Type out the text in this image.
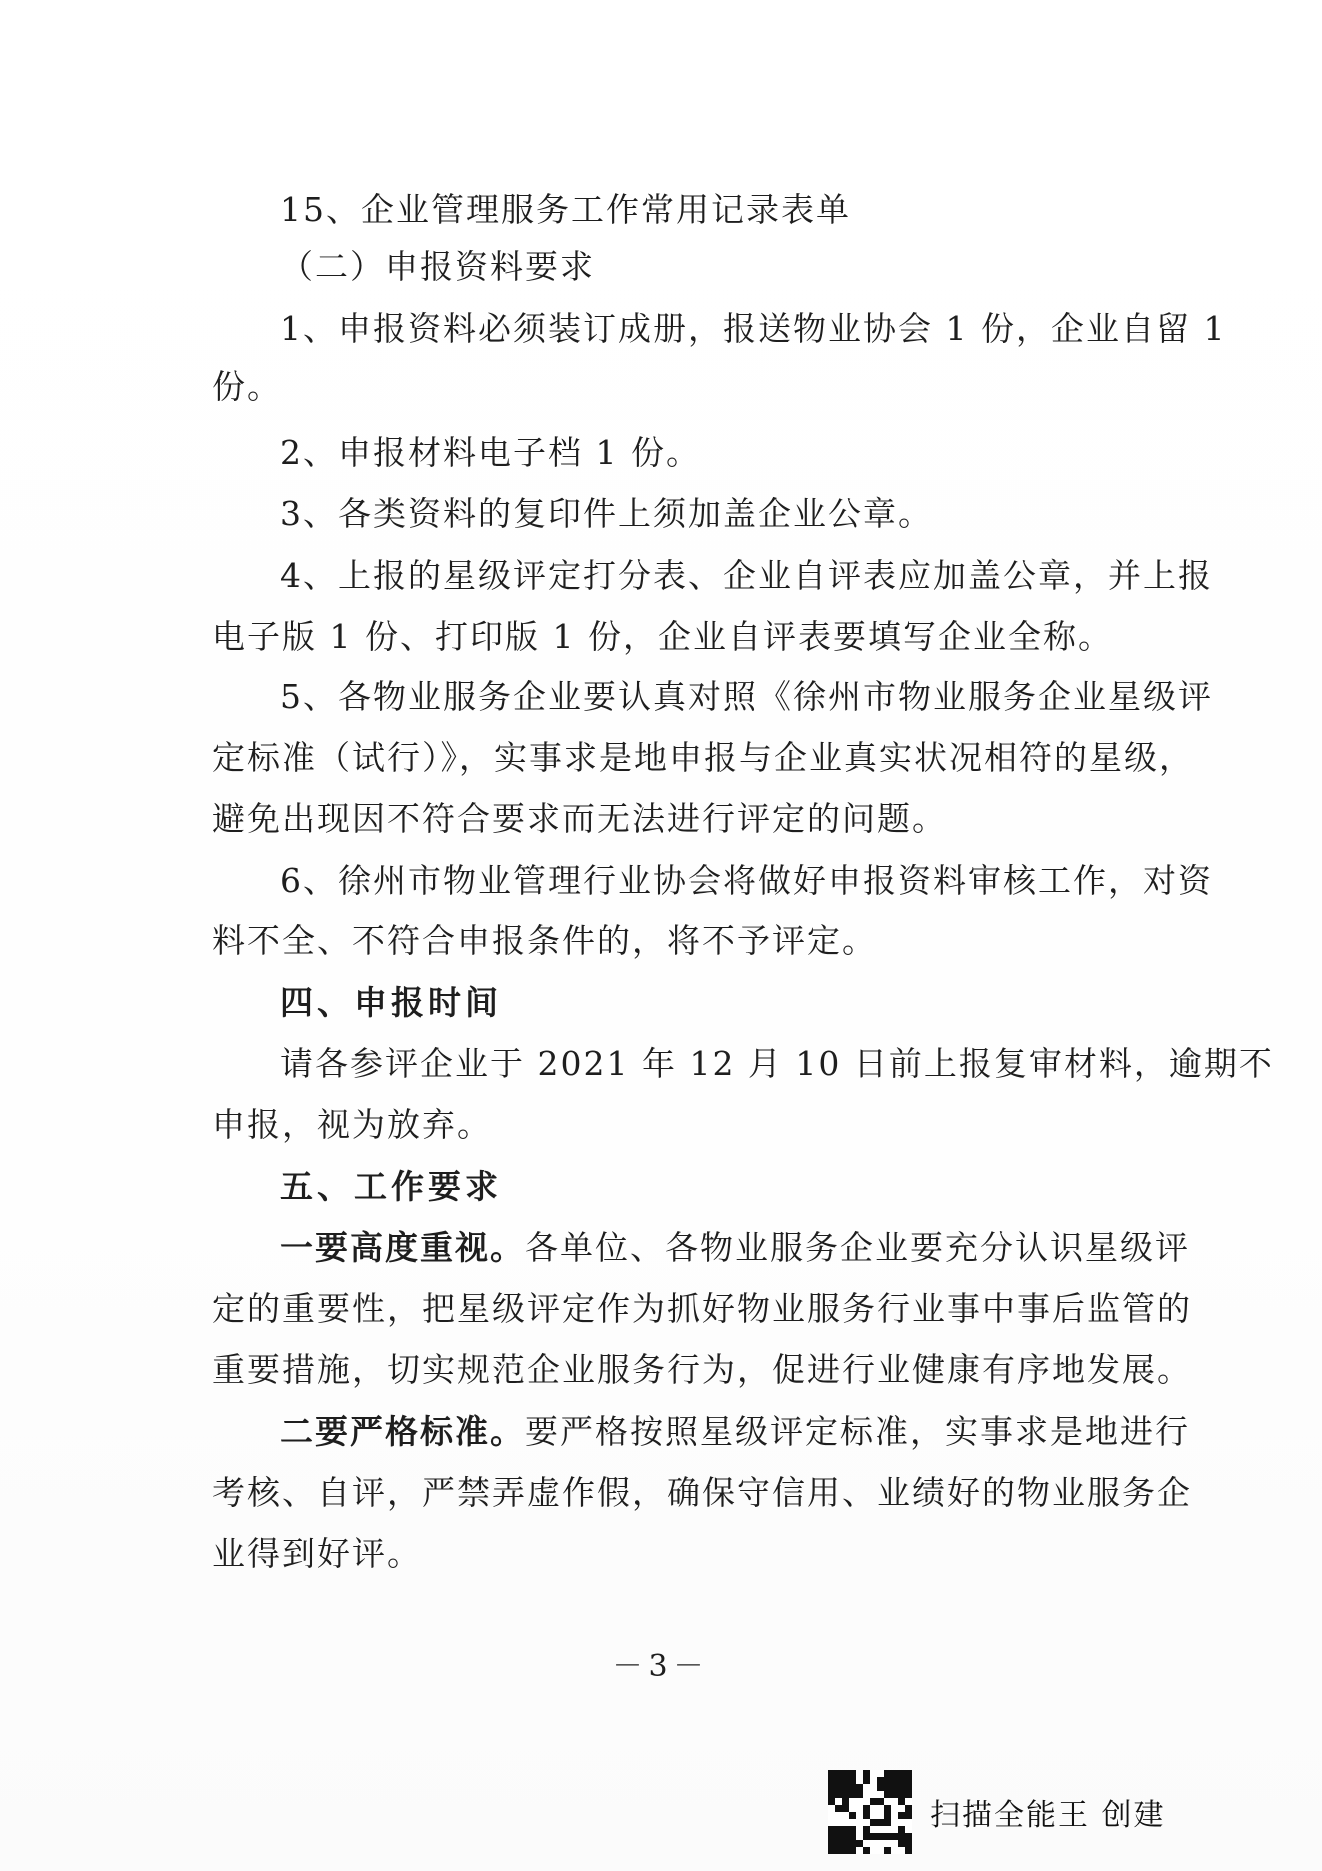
15、企业管理服务工作常用记录表单
（二）申报资料要求
1、申报资料必须装订成册，报送物业协会 1 份，企业自留 1
份。
2、申报材料电子档 1 份。
3、各类资料的复印件上须加盖企业公章。
4、上报的星级评定打分表、企业自评表应加盖公章，并上报
电子版 1 份、打印版 1 份，企业自评表要填写企业全称。
5、各物业服务企业要认真对照《徐州市物业服务企业星级评
定标准（试行）》，实事求是地申报与企业真实状况相符的星级，
避免出现因不符合要求而无法进行评定的问题。
6、徐州市物业管理行业协会将做好申报资料审核工作，对资
料不全、不符合申报条件的，将不予评定。
四、申报时间
请各参评企业于 2021 年 12 月 10 日前上报复审材料，逾期不
申报，视为放弃。
五、工作要求
一要高度重视。各单位、各物业服务企业要充分认识星级评
定的重要性，把星级评定作为抓好物业服务行业事中事后监管的
重要措施，切实规范企业服务行为，促进行业健康有序地发展。
二要严格标准。要严格按照星级评定标准，实事求是地进行
考核、自评，严禁弄虚作假，确保守信用、业绩好的物业服务企
业得到好评。
－3－
扫描全能王 创建
